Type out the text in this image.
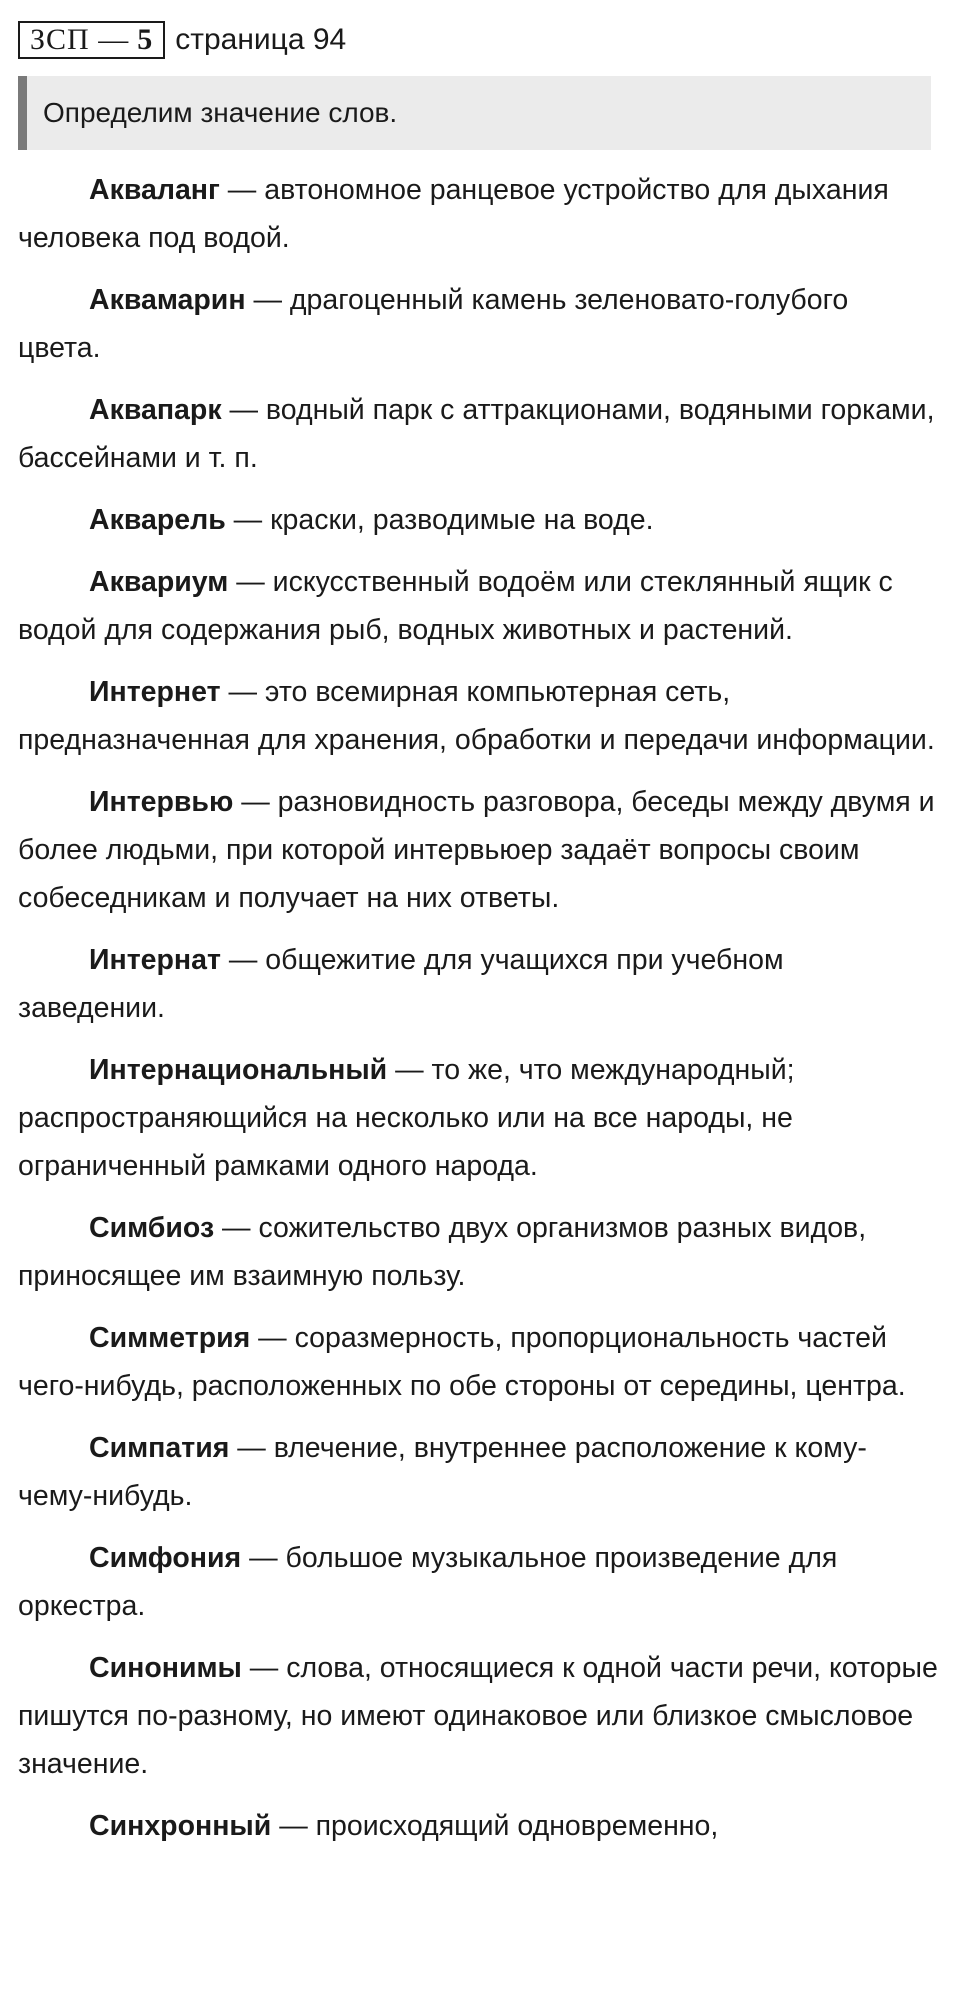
ЗСП — 5 страница 94
Определим значение слов.

Акваланг — автономное ранцевое устройство для дыхания человека под водой.

Аквамарин — драгоценный камень зеленовато-голубого цвета.

Аквапарк — водный парк с аттракционами, водяными горками, бассейнами и т. п.

Акварель — краски, разводимые на воде.

Аквариум — искусственный водоём или стеклянный ящик с водой для содержания рыб, водных животных и растений.

Интернет — это всемирная компьютерная сеть, предназначенная для хранения, обработки и передачи информации.

Интервью — разновидность разговора, беседы между двумя и более людьми, при которой интервьюер задаёт вопросы своим собеседникам и получает на них ответы.

Интернат — общежитие для учащихся при учебном заведении.

Интернациональный — то же, что международный; распространяющийся на несколько или на все народы, не ограниченный рамками одного народа.

Симбиоз — сожительство двух организмов разных видов, приносящее им взаимную пользу.

Симметрия — соразмерность, пропорциональность частей чего-нибудь, расположенных по обе стороны от середины, центра.

Симпатия — влечение, внутреннее расположение к кому-чему-нибудь.

Симфония — большое музыкальное произведение для оркестра.

Синонимы — слова, относящиеся к одной части речи, которые пишутся по-разному, но имеют одинаковое или близкое смысловое значение.

Синхронный — происходящий одновременно,
